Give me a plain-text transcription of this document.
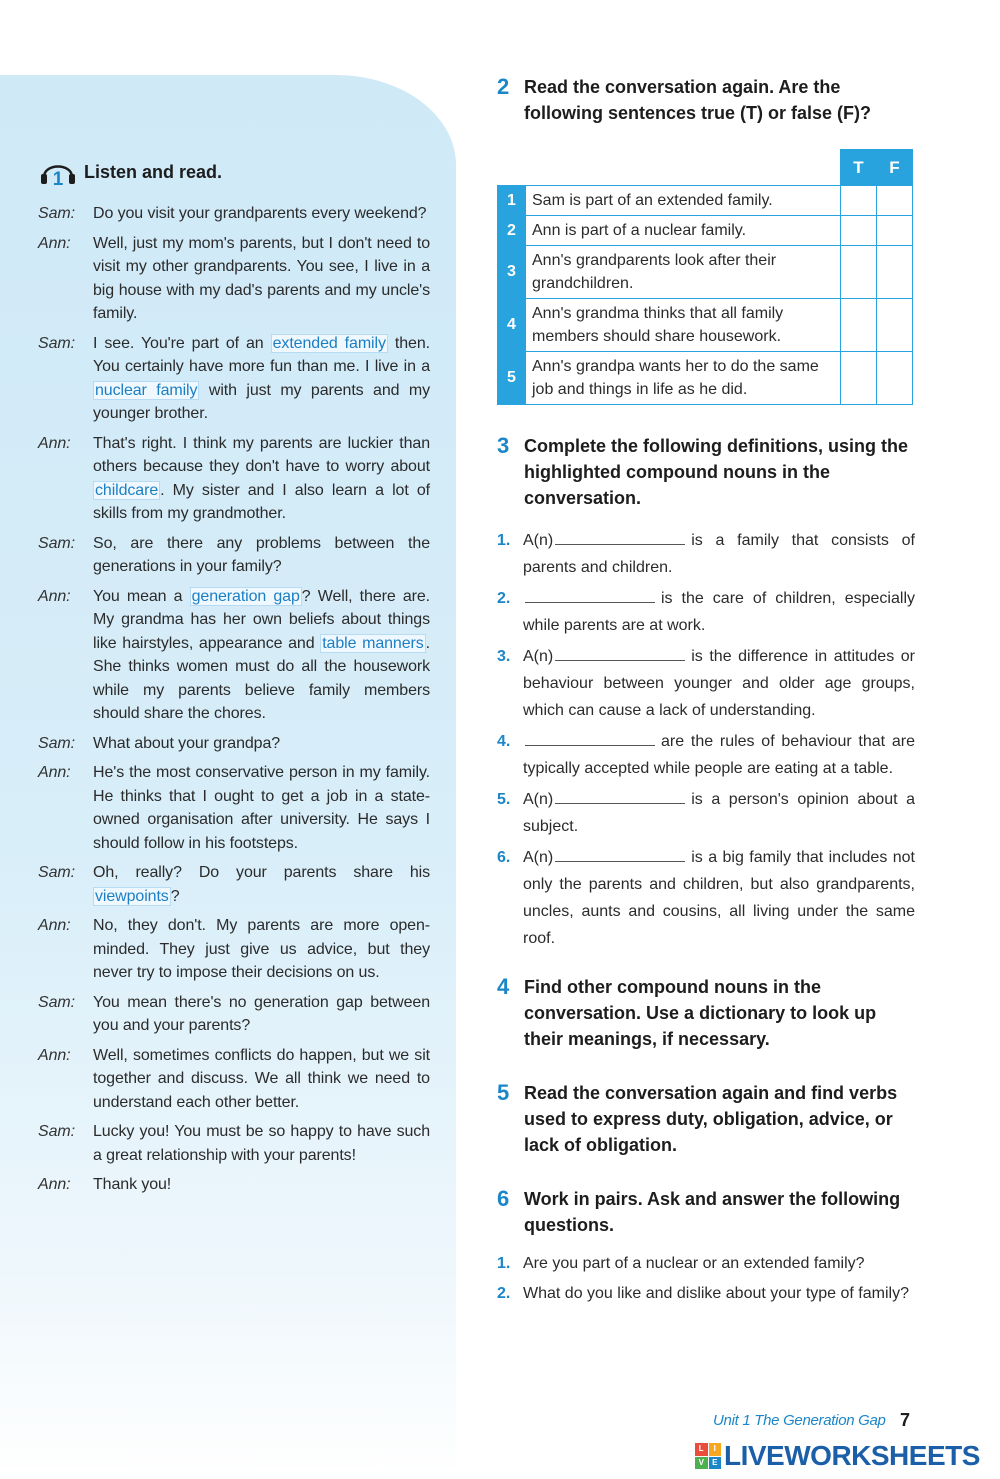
1 Listen and read.
Sam:	Do you visit your grandparents every weekend?
Ann:	Well, just my mom's parents, but I don't need to visit my other grandparents. You see, I live in a big house with my dad's parents and my uncle's family.
Sam:	I see. You're part of an extended family then. You certainly have more fun than me. I live in a nuclear family with just my parents and my younger brother.
Ann:	That's right. I think my parents are luckier than others because they don't have to worry about childcare . My sister and I also learn a lot of skills from my grandmother.
Sam:	So, are there any problems between the generations in your family?
Ann:	You mean a generation gap ? Well, there are. My grandma has her own beliefs about things like hairstyles, appearance and table manners . She thinks women must do all the housework while my parents believe family members should share the chores.
Sam:	What about your grandpa?
Ann:	He's the most conservative person in my family. He thinks that I ought to get a job in a state-owned organisation after university. He says I should follow in his footsteps.
Sam:	Oh, really? Do your parents share his viewpoints ?
Ann:	No, they don't. My parents are more open-minded. They just give us advice, but they never try to impose their decisions on us.
Sam:	You mean there's no generation gap between you and your parents?
Ann:	Well, sometimes conflicts do happen, but we sit together and discuss. We all think we need to understand each other better.
Sam:	Lucky you! You must be so happy to have such a great relationship with your parents!
Ann:	Thank you!
2 Read the conversation again. Are the following sentences true (T) or false (F)?
		T	F
1	Sam is part of an extended family.		
2	Ann is part of a nuclear family.		
3	Ann's grandparents look after their grandchildren.		
4	Ann's grandma thinks that all family members should share housework.		
5	Ann's grandpa wants her to do the same job and things in life as he did.		
3 Complete the following definitions, using the highlighted compound nouns in the conversation.
1. A(n)	is a family that consists of parents and children.
2.	is the care of children, especially while parents are at work.
3. A(n)	is the difference in attitudes or behaviour between younger and older age groups, which can cause a lack of understanding.
4.	are the rules of behaviour that are typically accepted while people are eating at a table.
5. A(n)	is a person's opinion about a subject.
6. A(n)	is a big family that includes not only the parents and children, but also grandparents, uncles, aunts and cousins, all living under the same roof.
4 Find other compound nouns in the conversation. Use a dictionary to look up their meanings, if necessary.
5 Read the conversation again and find verbs used to express duty, obligation, advice, or lack of obligation.
6 Work in pairs. Ask and answer the following questions.
1. Are you part of a nuclear or an extended family?
2. What do you like and dislike about your type of family?
Unit 1 The Generation Gap 7
L	I
V	E LIVEWORKSHEETS
